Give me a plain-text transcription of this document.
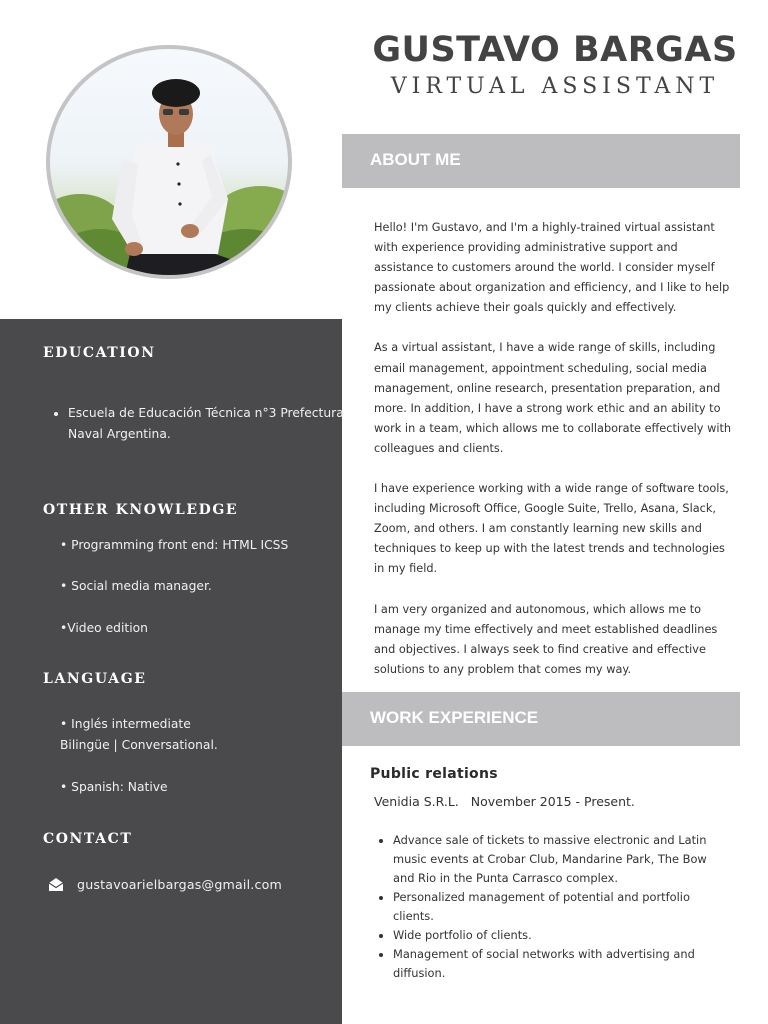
GUSTAVO BARGAS
VIRTUAL ASSISTANT
ABOUT ME

Hello! I'm Gustavo, and I'm a highly-trained virtual assistant with experience providing administrative support and assistance to customers around the world. I consider myself passionate about organization and efficiency, and I like to help my clients achieve their goals quickly and effectively.

As a virtual assistant, I have a wide range of skills, including email management, appointment scheduling, social media management, online research, presentation preparation, and more. In addition, I have a strong work ethic and an ability to work in a team, which allows me to collaborate effectively with colleagues and clients.

I have experience working with a wide range of software tools, including Microsoft Office, Google Suite, Trello, Asana, Slack, Zoom, and others. I am constantly learning new skills and techniques to keep up with the latest trends and technologies in my field.

I am very organized and autonomous, which allows me to manage my time effectively and meet established deadlines and objectives. I always seek to find creative and effective solutions to any problem that comes my way.

EDUCATION
• Escuela de Educación Técnica n°3 Prefectura Naval Argentina.
OTHER KNOWLEDGE
• Programming front end: HTML ICSS
• Social media manager.
•Video edition
LANGUAGE
• Inglés intermediate
Bilingüe | Conversational.
• Spanish: Native
CONTACT
gustavoarielbargas@gmail.com
WORK EXPERIENCE
Public relations
Venidia S.R.L. November 2015 - Present.
• Advance sale of tickets to massive electronic and Latin music events at Crobar Club, Mandarine Park, The Bow and Rio in the Punta Carrasco complex.
• Personalized management of potential and portfolio clients.
• Wide portfolio of clients.
• Management of social networks with advertising and diffusion.
